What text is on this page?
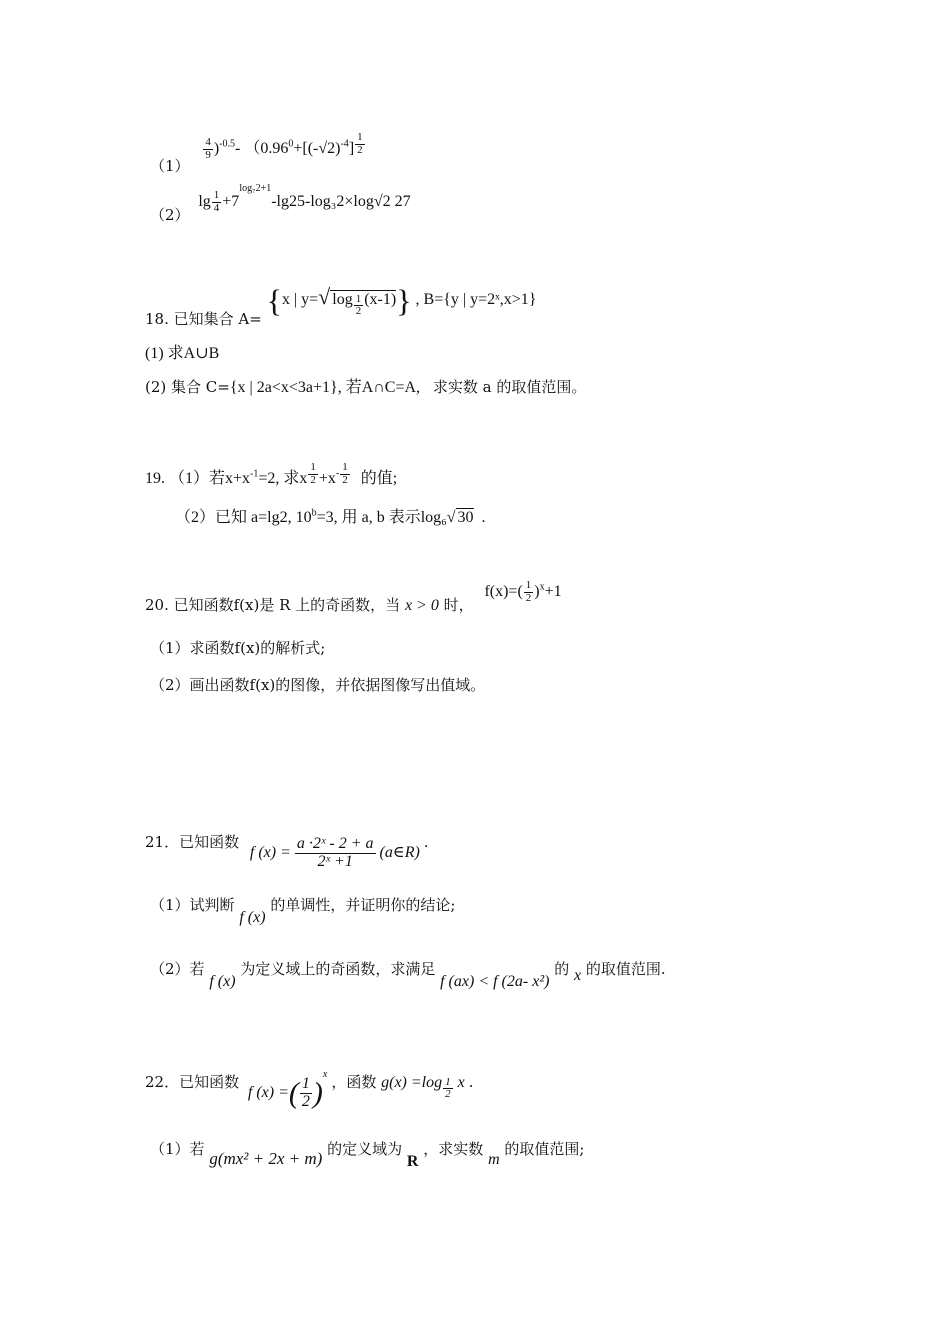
（1）
$\frac{4}{9} )^{-0.5}-$ （$0.96^0+[(-√2)^{-4}]$ $^{\frac{1}{2}}$
（2） $\lg \frac{1}{4} +7^{log_72+1}-\lg 25-\log_32\times\log√2$ 27
18. 已知集合 A= {x | y=√ log $_{\frac{1}{2}}$ (x-1)} , B={y | y=2ˣ,x>1}
(1) 求A∪B
(2) 集合 C={x | 2a<x<3a+1}, 若A∩C=A, 求实数 a 的取值范围。
19. （1）若$x+x^{-1}=2$, 求x $^{\frac{1}{2}} +x^{- \frac{1}{2}}$ 的值;
（2）已知 a=lg2, $10^b=3$, 用 a, b 表示log₆√ 30 .
20. 已知函数f(x)是 R 上的奇函数，当 x > 0 时， $f(x)=( \frac{1}{2} )^x+1$
（1）求函数f(x)的解析式;
（2）画出函数f(x)的图像，并依据图像写出值域。
21．已知函数 f $(x) = \frac{\text{a ·2ˣ - 2 + a}}{\text{2ˣ +1}}$ (a∈R) .
（1）试判断 f (x) 的单调性，并证明你的结论;
（2）若 f (x) 为定义域上的奇函数，求满足 f (ax) < f (2a- x²) 的 x 的取值范围.
22．已知函数 f (x) =( $\frac{1}{2} )^x$ ，函数 g(x) =log $_{\frac{1}{2}}$ x .
（1）若 g(mx² + 2x + m) 的定义域为 R ，求实数 m 的取值范围;
